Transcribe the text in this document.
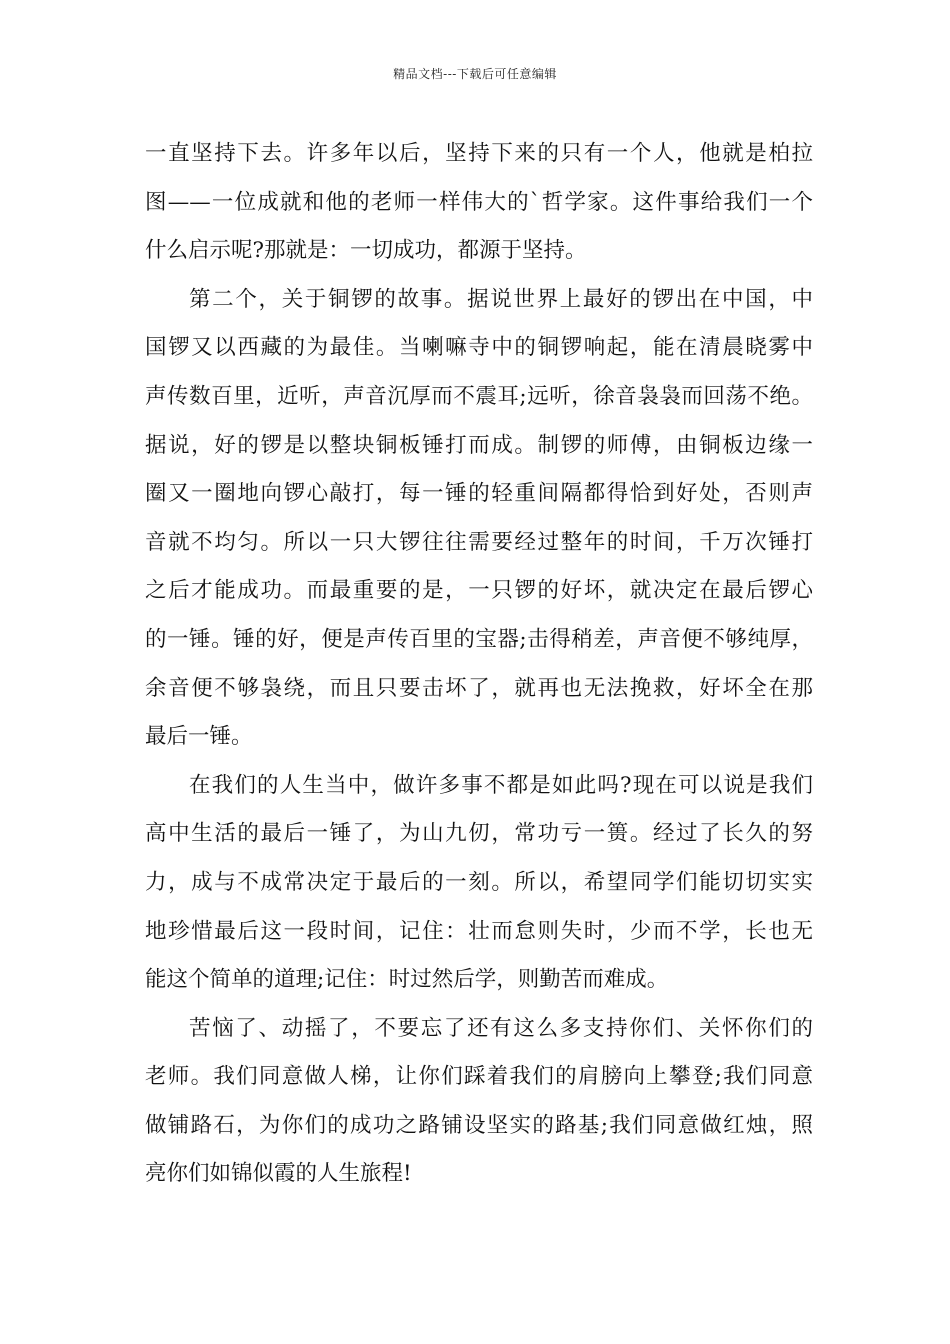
精品文档---下载后可任意编辑
一直坚持下去。许多年以后，坚持下来的只有一个人，他就是柏拉
图——一位成就和他的老师一样伟大的`哲学家。这件事给我们一个
什么启示呢?那就是：一切成功，都源于坚持。
第二个，关于铜锣的故事。据说世界上最好的锣出在中国，中
国锣又以西藏的为最佳。当喇嘛寺中的铜锣响起，能在清晨晓雾中
声传数百里，近听，声音沉厚而不震耳;远听，徐音袅袅而回荡不绝。
据说，好的锣是以整块铜板锤打而成。制锣的师傅，由铜板边缘一
圈又一圈地向锣心敲打，每一锤的轻重间隔都得恰到好处，否则声
音就不均匀。所以一只大锣往往需要经过整年的时间，千万次锤打
之后才能成功。而最重要的是，一只锣的好坏，就决定在最后锣心
的一锤。锤的好，便是声传百里的宝器;击得稍差，声音便不够纯厚，
余音便不够袅绕，而且只要击坏了，就再也无法挽救，好坏全在那
最后一锤。
在我们的人生当中，做许多事不都是如此吗?现在可以说是我们
高中生活的最后一锤了，为山九仞，常功亏一篑。经过了长久的努
力，成与不成常决定于最后的一刻。所以，希望同学们能切切实实
地珍惜最后这一段时间，记住：壮而怠则失时，少而不学，长也无
能这个简单的道理;记住：时过然后学，则勤苦而难成。
苦恼了、动摇了，不要忘了还有这么多支持你们、关怀你们的
老师。我们同意做人梯，让你们踩着我们的肩膀向上攀登;我们同意
做铺路石，为你们的成功之路铺设坚实的路基;我们同意做红烛，照
亮你们如锦似霞的人生旅程!
